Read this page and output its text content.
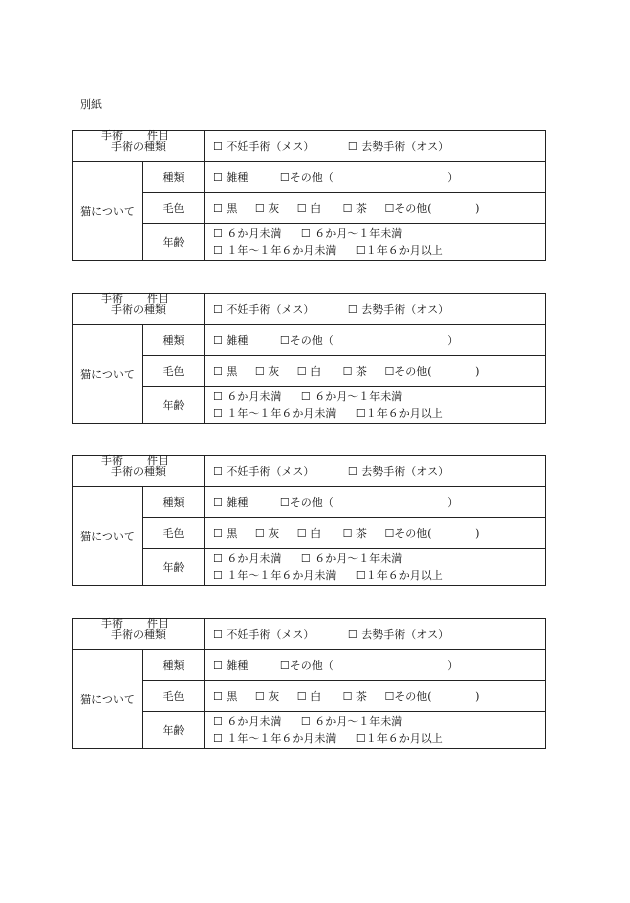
別紙

手術 件目

手術の種類		☐ 不妊手術（メス） ☐ 去勢手術（オス）
猫について	種類	☐ 雑種 ☐その他（ ）
	毛色	☐ 黒 ☐ 灰 ☐ 白 ☐ 茶 ☐その他( )
	年齢	☐ ６か月未満 ☐ ６か月～１年未満
☐ １年～１年６か月未満 ☐１年６か月以上

手術 件目

手術の種類		☐ 不妊手術（メス） ☐ 去勢手術（オス）
猫について	種類	☐ 雑種 ☐その他（ ）
	毛色	☐ 黒 ☐ 灰 ☐ 白 ☐ 茶 ☐その他( )
	年齢	☐ ６か月未満 ☐ ６か月～１年未満
☐ １年～１年６か月未満 ☐１年６か月以上

手術 件目

手術の種類		☐ 不妊手術（メス） ☐ 去勢手術（オス）
猫について	種類	☐ 雑種 ☐その他（ ）
	毛色	☐ 黒 ☐ 灰 ☐ 白 ☐ 茶 ☐その他( )
	年齢	☐ ６か月未満 ☐ ６か月～１年未満
☐ １年～１年６か月未満 ☐１年６か月以上

手術 件目

手術の種類		☐ 不妊手術（メス） ☐ 去勢手術（オス）
猫について	種類	☐ 雑種 ☐その他（ ）
	毛色	☐ 黒 ☐ 灰 ☐ 白 ☐ 茶 ☐その他( )
	年齢	☐ ６か月未満 ☐ ６か月～１年未満
☐ １年～１年６か月未満 ☐１年６か月以上
